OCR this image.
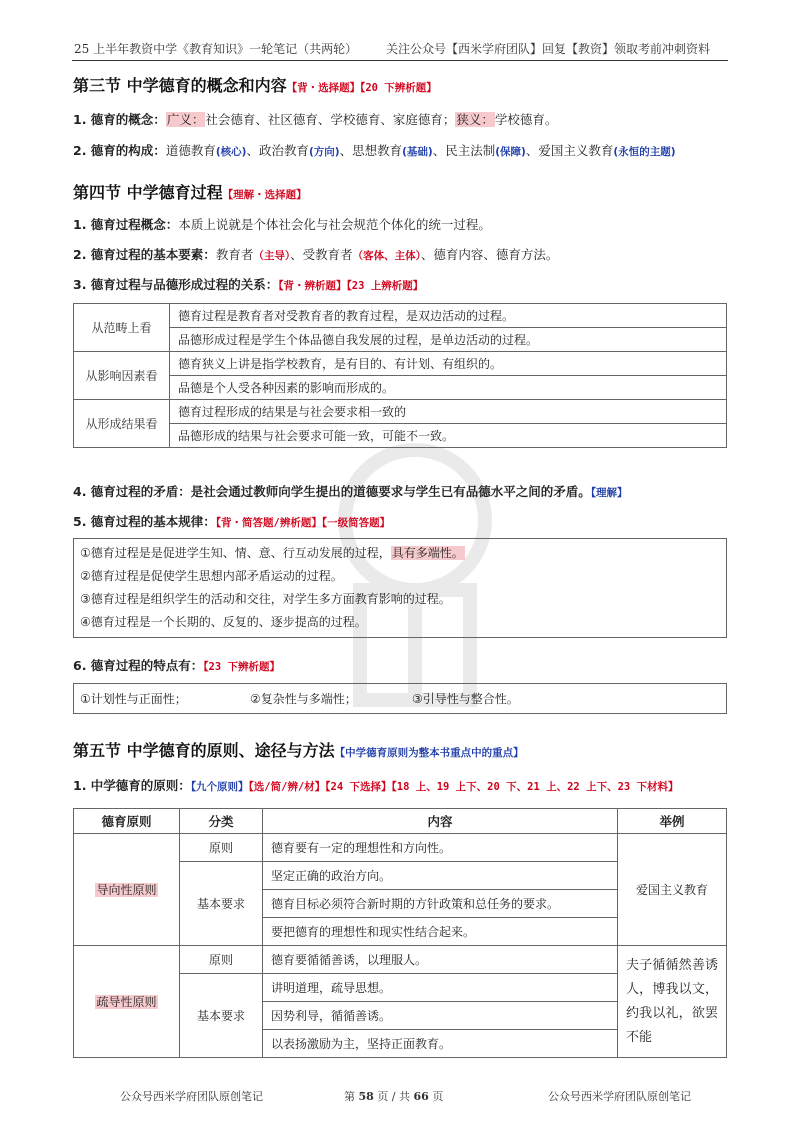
25 上半年教资中学《教育知识》一轮笔记（共两轮） 关注公众号【西米学府团队】回复【教资】领取考前冲刺资料
第三节 中学德育的概念和内容【背・选择题】【20 下辨析题】
1. 德育的概念：广义：社会德育、社区德育、学校德育、家庭德育；狭义：学校德育。
2. 德育的构成：道德教育(核心)、政治教育(方向)、思想教育(基础)、民主法制(保障)、爱国主义教育(永恒的主题)
第四节 中学德育过程【理解・选择题】
1. 德育过程概念：本质上说就是个体社会化与社会规范个体化的统一过程。
2. 德育过程的基本要素：教育者（主导）、受教育者（客体、主体）、德育内容、德育方法。
3. 德育过程与品德形成过程的关系：【背・辨析题】【23 上辨析题】
从范畴上看	德育过程是教育者对受教育者的教育过程，是双边活动的过程。
	品德形成过程是学生个体品德自我发展的过程，是单边活动的过程。
从影响因素看	德育狭义上讲是指学校教育，是有目的、有计划、有组织的。
	品德是个人受各种因素的影响而形成的。
从形成结果看	德育过程形成的结果是与社会要求相一致的
	品德形成的结果与社会要求可能一致，可能不一致。
4. 德育过程的矛盾：是社会通过教师向学生提出的道德要求与学生已有品德水平之间的矛盾。【理解】
5. 德育过程的基本规律：【背・简答题/辨析题】【一级简答题】
①德育过程是是促进学生知、情、意、行互动发展的过程，具有多端性。
②德育过程是促使学生思想内部矛盾运动的过程。
③德育过程是组织学生的活动和交往，对学生多方面教育影响的过程。
④德育过程是一个长期的、反复的、逐步提高的过程。
6. 德育过程的特点有：【23 下辨析题】
①计划性与正面性；	②复杂性与多端性；	③引导性与整合性。
第五节 中学德育的原则、途径与方法【中学德育原则为整本书重点中的重点】
1. 中学德育的原则：【九个原则】【选/简/辨/材】【24 下选择】【18 上、19 上下、20 下、21 上、22 上下、23 下材料】
德育原则	分类	内容	举例
导向性原则	原则	德育要有一定的理想性和方向性。	爱国主义教育
	基本要求	坚定正确的政治方向。	
		德育目标必须符合新时期的方针政策和总任务的要求。	
		要把德育的理想性和现实性结合起来。	
疏导性原则	原则	德育要循循善诱，以理服人。	夫子循循然善诱人，博我以文，约我以礼，欲罢不能
	基本要求	讲明道理，疏导思想。	
		因势利导，循循善诱。	
		以表扬激励为主，坚持正面教育。	
公众号西米学府团队原创笔记	第 58 页 / 共 66 页	公众号西米学府团队原创笔记
